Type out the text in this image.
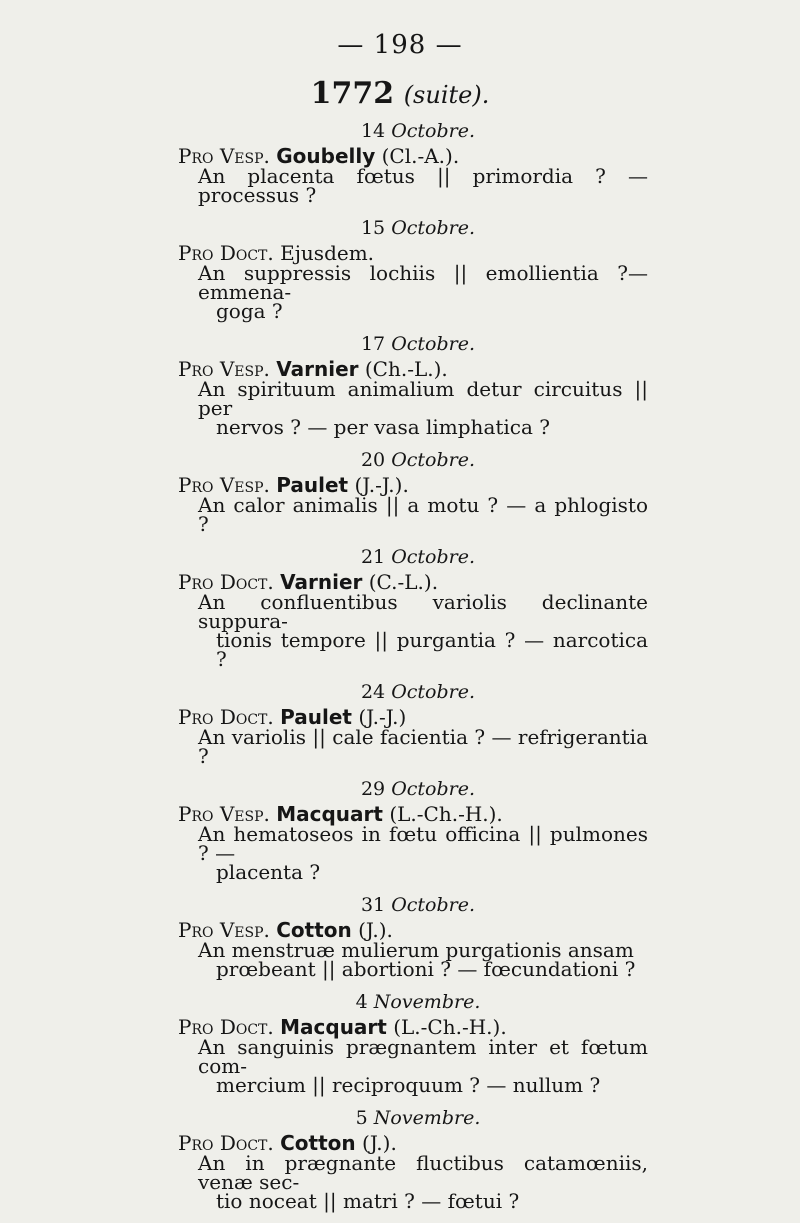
— 198 —
1772 (suite).
14 Octobre.
Pro Vesp. Goubelly (Cl.-A.).

An placenta fœtus || primordia ? — processus ?

15 Octobre.
Pro Doct. Ejusdem.

An suppressis lochiis || emollientia ?—emmena-

goga ?

17 Octobre.
Pro Vesp. Varnier (Ch.-L.).

An spirituum animalium detur circuitus || per

nervos ? — per vasa limphatica ?

20 Octobre.
Pro Vesp. Paulet (J.-J.).

An calor animalis || a motu ? — a phlogisto ?

21 Octobre.
Pro Doct. Varnier (C.-L.).

An confluentibus variolis declinante suppura-

tionis tempore || purgantia ? — narcotica ?

24 Octobre.
Pro Doct. Paulet (J.-J.)

An variolis || cale facientia ? — refrigerantia ?

29 Octobre.
Pro Vesp. Macquart (L.-Ch.-H.).

An hematoseos in fœtu officina || pulmones ? —

placenta ?

31 Octobre.
Pro Vesp. Cotton (J.).

An menstruæ mulierum purgationis ansam

prœbeant || abortioni ? — fœcundationi ?

4 Novembre.
Pro Doct. Macquart (L.-Ch.-H.).

An sanguinis prægnantem inter et fœtum com-

mercium || reciproquum ? — nullum ?

5 Novembre.
Pro Doct. Cotton (J.).

An in prægnante fluctibus catamœniis, venæ sec-

tio noceat || matri ? — fœtui ?
